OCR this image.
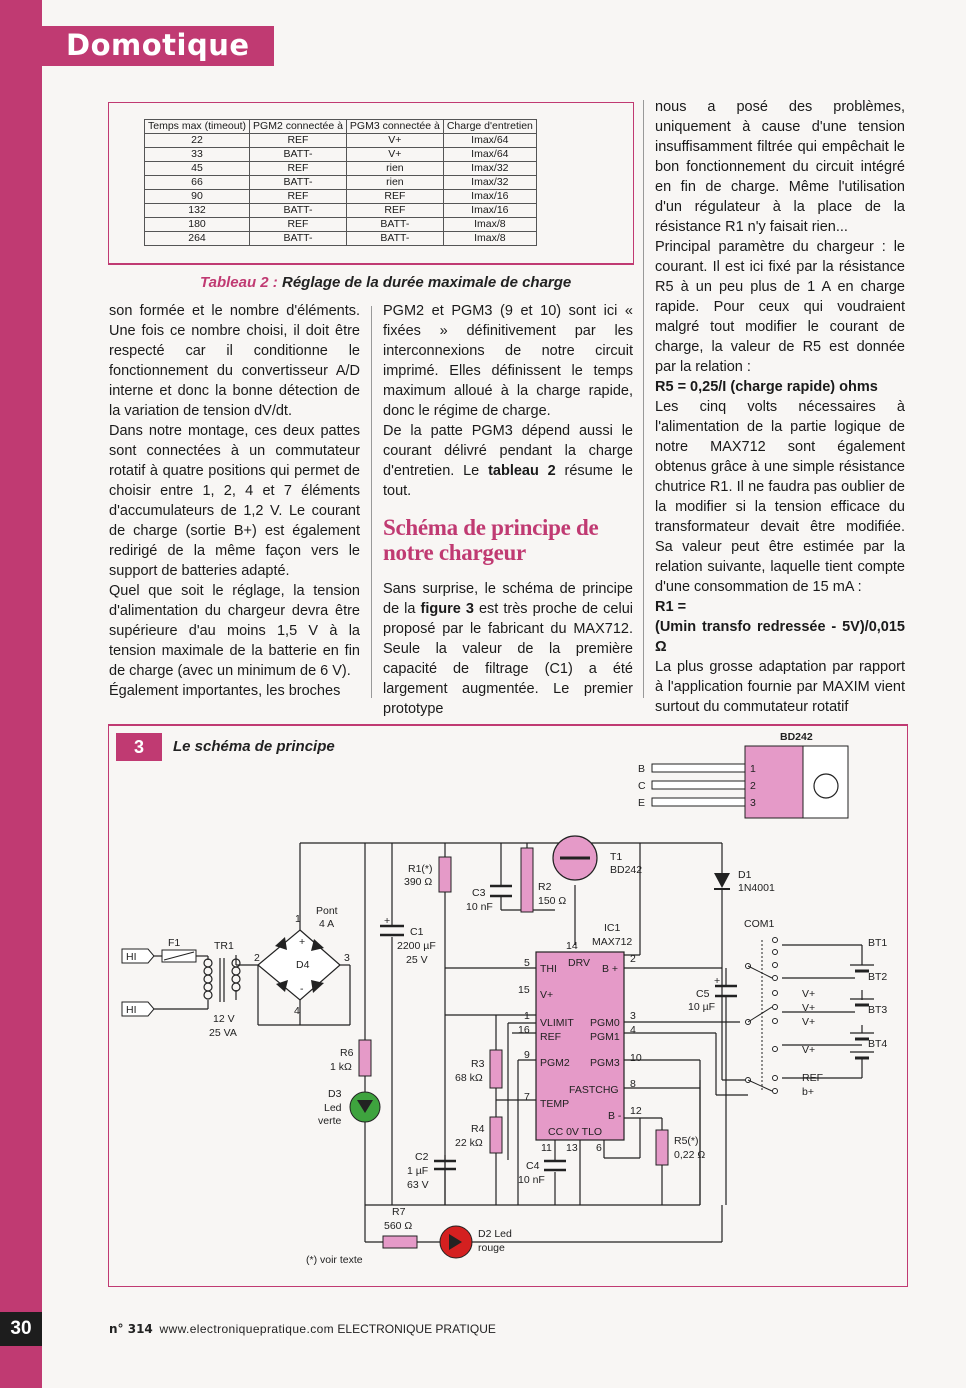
Domotique
30
Temps max (timeout)	PGM2 connectée à	PGM3 connectée à	Charge d'entretien
22	REF	V+	Imax/64
33	BATT-	V+	Imax/64
45	REF	rien	Imax/32
66	BATT-	rien	Imax/32
90	REF	REF	Imax/16
132	BATT-	REF	Imax/16
180	REF	BATT-	Imax/8
264	BATT-	BATT-	Imax/8
Tableau 2 : Réglage de la durée maximale de charge

son formée et le nombre d'éléments. Une fois ce nombre choisi, il doit être respecté car il conditionne le fonctionnement du convertisseur A/D interne et donc la bonne détection de la variation de tension dV/dt.

Dans notre montage, ces deux pattes sont connectées à un commutateur rotatif à quatre positions qui permet de choisir entre 1, 2, 4 et 7 éléments d'accumulateurs de 1,2 V. Le courant de charge (sortie B+) est également redirigé de la même façon vers le support de batteries adapté.

Quel que soit le réglage, la tension d'alimentation du chargeur devra être supérieure d'au moins 1,5 V à la tension maximale de la batterie en fin de charge (avec un minimum de 6 V).

Également importantes, les broches

PGM2 et PGM3 (9 et 10) sont ici « fixées » définitivement par les interconnexions de notre circuit imprimé. Elles définissent le temps maximum alloué à la charge rapide, donc le régime de charge.

De la patte PGM3 dépend aussi le courant délivré pendant la charge d'entretien. Le tableau 2 résume le tout.

Schéma de principe de notre chargeur

Sans surprise, le schéma de principe de la figure 3 est très proche de celui proposé par le fabricant du MAX712. Seule la valeur de la première capacité de filtrage (C1) a été largement augmentée. Le premier prototype

nous a posé des problèmes, uniquement à cause d'une tension insuffisamment filtrée qui empêchait le bon fonctionnement du circuit intégré en fin de charge. Même l'utilisation d'un régulateur à la place de la résistance R1 n'y faisait rien...

Principal paramètre du chargeur : le courant. Il est ici fixé par la résistance R5 à un peu plus de 1 A en charge rapide. Pour ceux qui voudraient malgré tout modifier le courant de charge, la valeur de R5 est donnée par la relation :

R5 = 0,25/I (charge rapide) ohms

Les cinq volts nécessaires à l'alimentation de la partie logique de notre MAX712 sont également obtenus grâce à une simple résistance chutrice R1. Il ne faudra pas oublier de la modifier si la tension efficace du transformateur devait être modifiée. Sa valeur peut être estimée par la relation suivante, laquelle tient compte d'une consommation de 15 mA :

R1 =

(Umin transfo redressée - 5V)/0,015 Ω

La plus grosse adaptation par rapport à l'application fournie par MAXIM vient surtout du commutateur rotatif

3	Le schéma de principe
BD242
1
2
3
B
C
E
T1
BD242
R1(*)
390 Ω
C3
10 nF
R2
150 Ω
D1
1N4001
IC1
MAX712
COM1
BT1
BT2
BT3
BT4
Pont
4 A
C1
2200 µF
25 V
F1	TR1
D4
12 V
25 VA
R6
1 kΩ
D3
Led
verte
R3
68 kΩ
R4
22 kΩ
C2
1 µF
63 V
C4
10 nF
C5
10 µF
R5(*)
0,22 Ω
R7
560 Ω
D2 Led
rouge
V+
V+
V+
V+
REF
b+
(*) voir texte
THI DRV B +
V+
VLIMIT
REF
PGM0
PGM1
PGM2 PGM3
FASTCHG
TEMP
B -
CC 0V TLO
14
5	2
15
1	3
16	4
9	10
8
7
12
11 13 6
HI
HI
1
2	3
4
+
+
+
-
n° 314 www.electroniquepratique.com ELECTRONIQUE PRATIQUE
